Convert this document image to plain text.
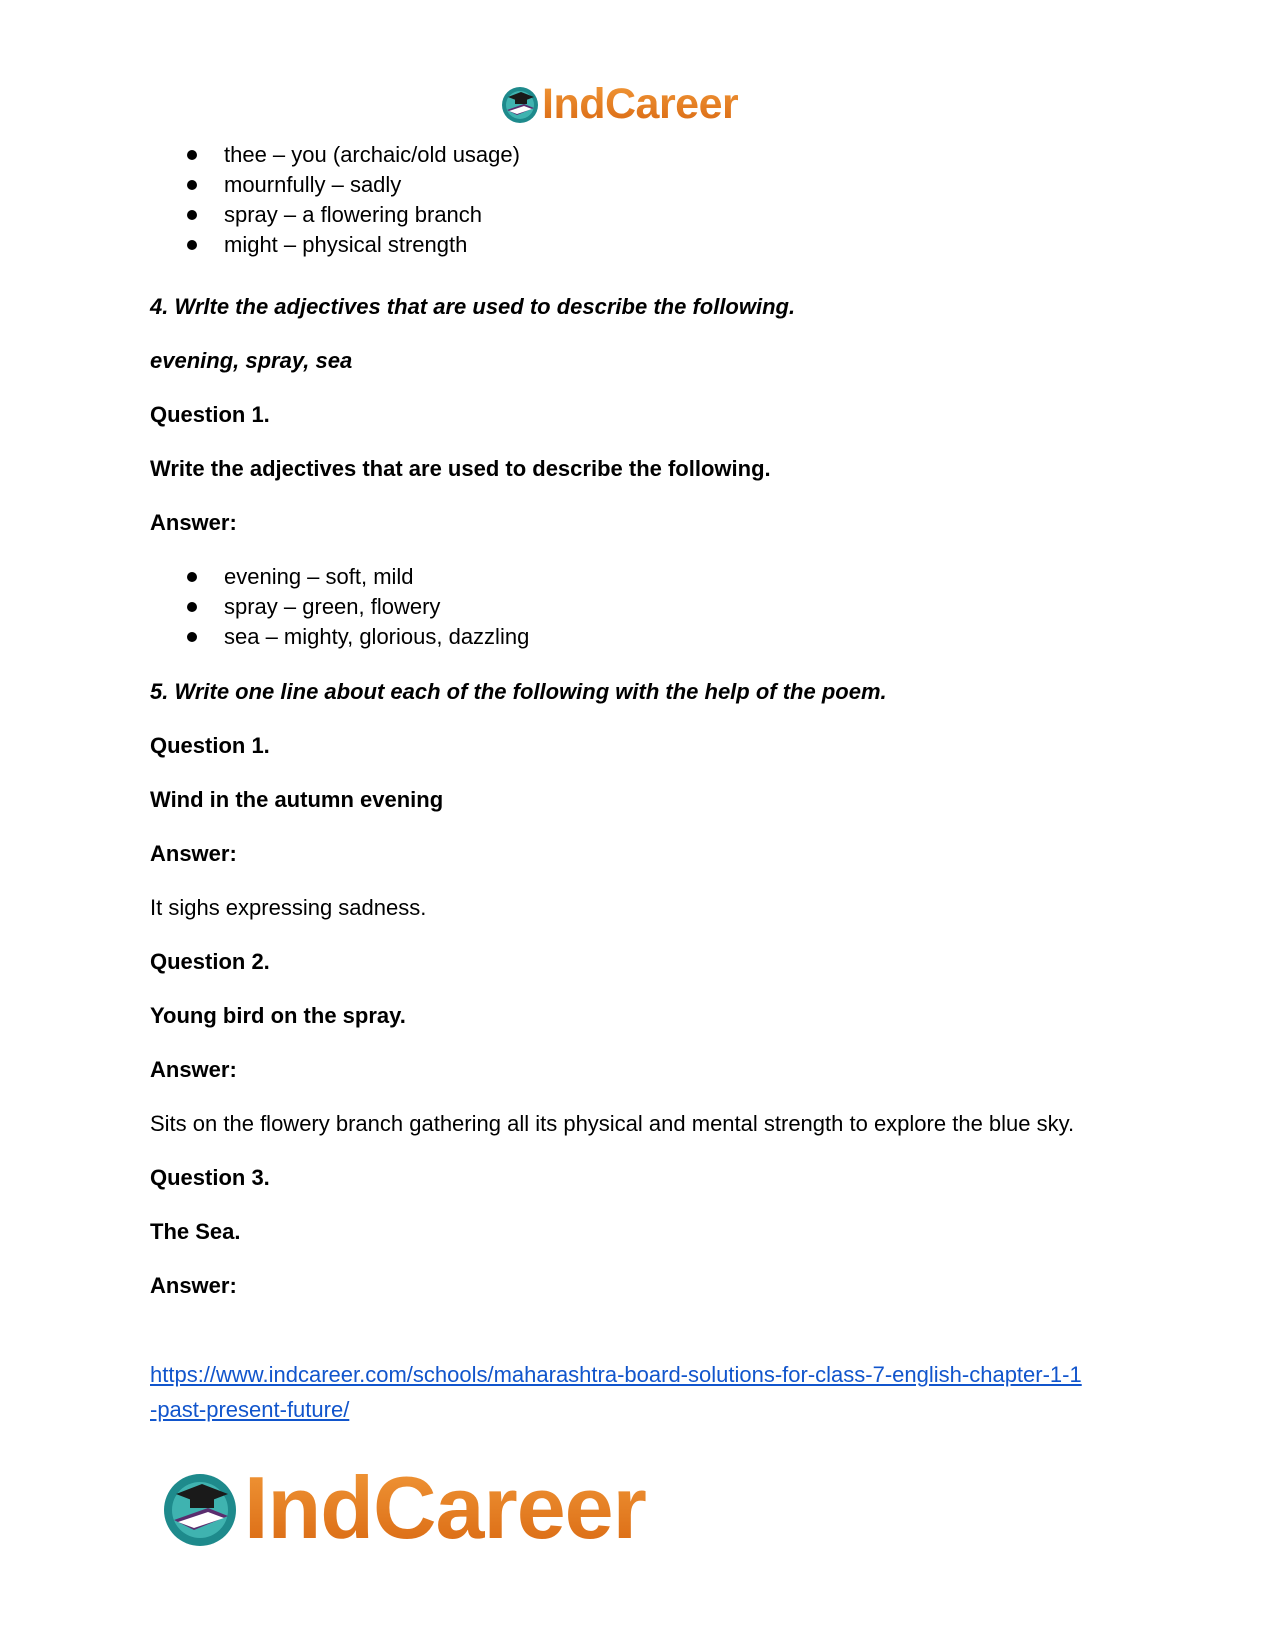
IndCareer
thee – you (archaic/old usage)
mournfully – sadly
spray – a flowering branch
might – physical strength
4. Wrlte the adjectives that are used to describe the following.
evening, spray, sea
Question 1.
Write the adjectives that are used to describe the following.
Answer:
evening – soft, mild
spray – green, flowery
sea – mighty, glorious, dazzling
5. Write one line about each of the following with the help of the poem.
Question 1.
Wind in the autumn evening
Answer:
It sighs expressing sadness.
Question 2.
Young bird on the spray.
Answer:
Sits on the flowery branch gathering all its physical and mental strength to explore the blue sky.
Question 3.
The Sea.
Answer:
https://www.indcareer.com/schools/maharashtra-board-solutions-for-class-7-english-chapter-1-1
-past-present-future/
IndCareer
